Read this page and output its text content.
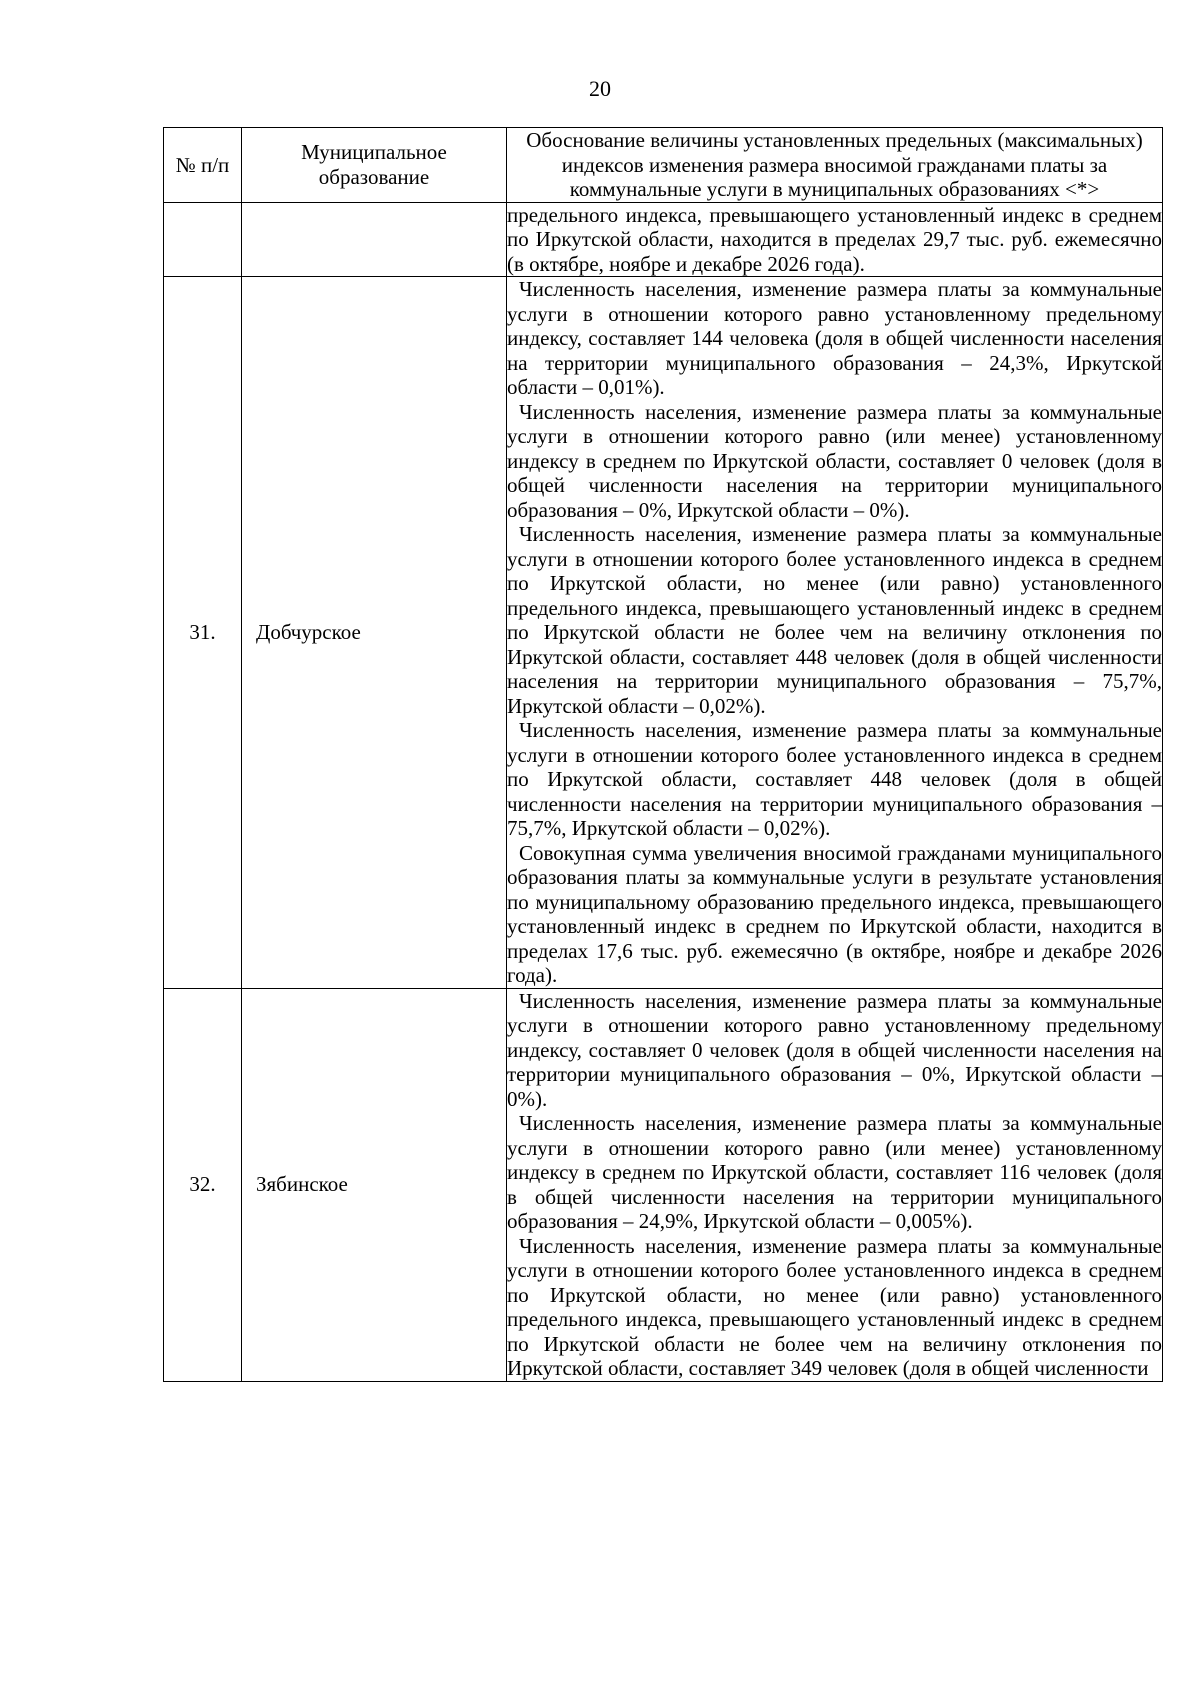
20
№ п/п	Муниципальное образование	Обоснование величины установленных предельных (максимальных) индексов изменения размера вносимой гражданами платы за коммунальные услуги в муниципальных образованиях <*>

		предельного индекса, превышающего установленный индекс в среднем по Иркутской области, находится в пределах 29,7 тыс. руб. ежемесячно (в октябре, ноябре и декабре 2026 года).

31.	Добчурское	Численность населения, изменение размера платы за коммунальные услуги в отношении которого равно установленному предельному индексу, составляет 144 человека (доля в общей численности населения на территории муниципального образования – 24,3%, Иркутской области – 0,01%).

Численность населения, изменение размера платы за коммунальные услуги в отношении которого равно (или менее) установленному индексу в среднем по Иркутской области, составляет 0 человек (доля в общей численности населения на территории муниципального образования – 0%, Иркутской области – 0%).

Численность населения, изменение размера платы за коммунальные услуги в отношении которого более установленного индекса в среднем по Иркутской области, но менее (или равно) установленного предельного индекса, превышающего установленный индекс в среднем по Иркутской области не более чем на величину отклонения по Иркутской области, составляет 448 человек (доля в общей численности населения на территории муниципального образования – 75,7%, Иркутской области – 0,02%).

Численность населения, изменение размера платы за коммунальные услуги в отношении которого более установленного индекса в среднем по Иркутской области, составляет 448 человек (доля в общей численности населения на территории муниципального образования – 75,7%, Иркутской области – 0,02%).

Совокупная сумма увеличения вносимой гражданами муниципального образования платы за коммунальные услуги в результате установления по муниципальному образованию предельного индекса, превышающего установленный индекс в среднем по Иркутской области, находится в пределах 17,6 тыс. руб. ежемесячно (в октябре, ноябре и декабре 2026 года).

32.	Зябинское	Численность населения, изменение размера платы за коммунальные услуги в отношении которого равно установленному предельному индексу, составляет 0 человек (доля в общей численности населения на территории муниципального образования – 0%, Иркутской области – 0%).

Численность населения, изменение размера платы за коммунальные услуги в отношении которого равно (или менее) установленному индексу в среднем по Иркутской области, составляет 116 человек (доля в общей численности населения на территории муниципального образования – 24,9%, Иркутской области – 0,005%).

Численность населения, изменение размера платы за коммунальные услуги в отношении которого более установленного индекса в среднем по Иркутской области, но менее (или равно) установленного предельного индекса, превышающего установленный индекс в среднем по Иркутской области не более чем на величину отклонения по Иркутской области, составляет 349 человек (доля в общей численности
